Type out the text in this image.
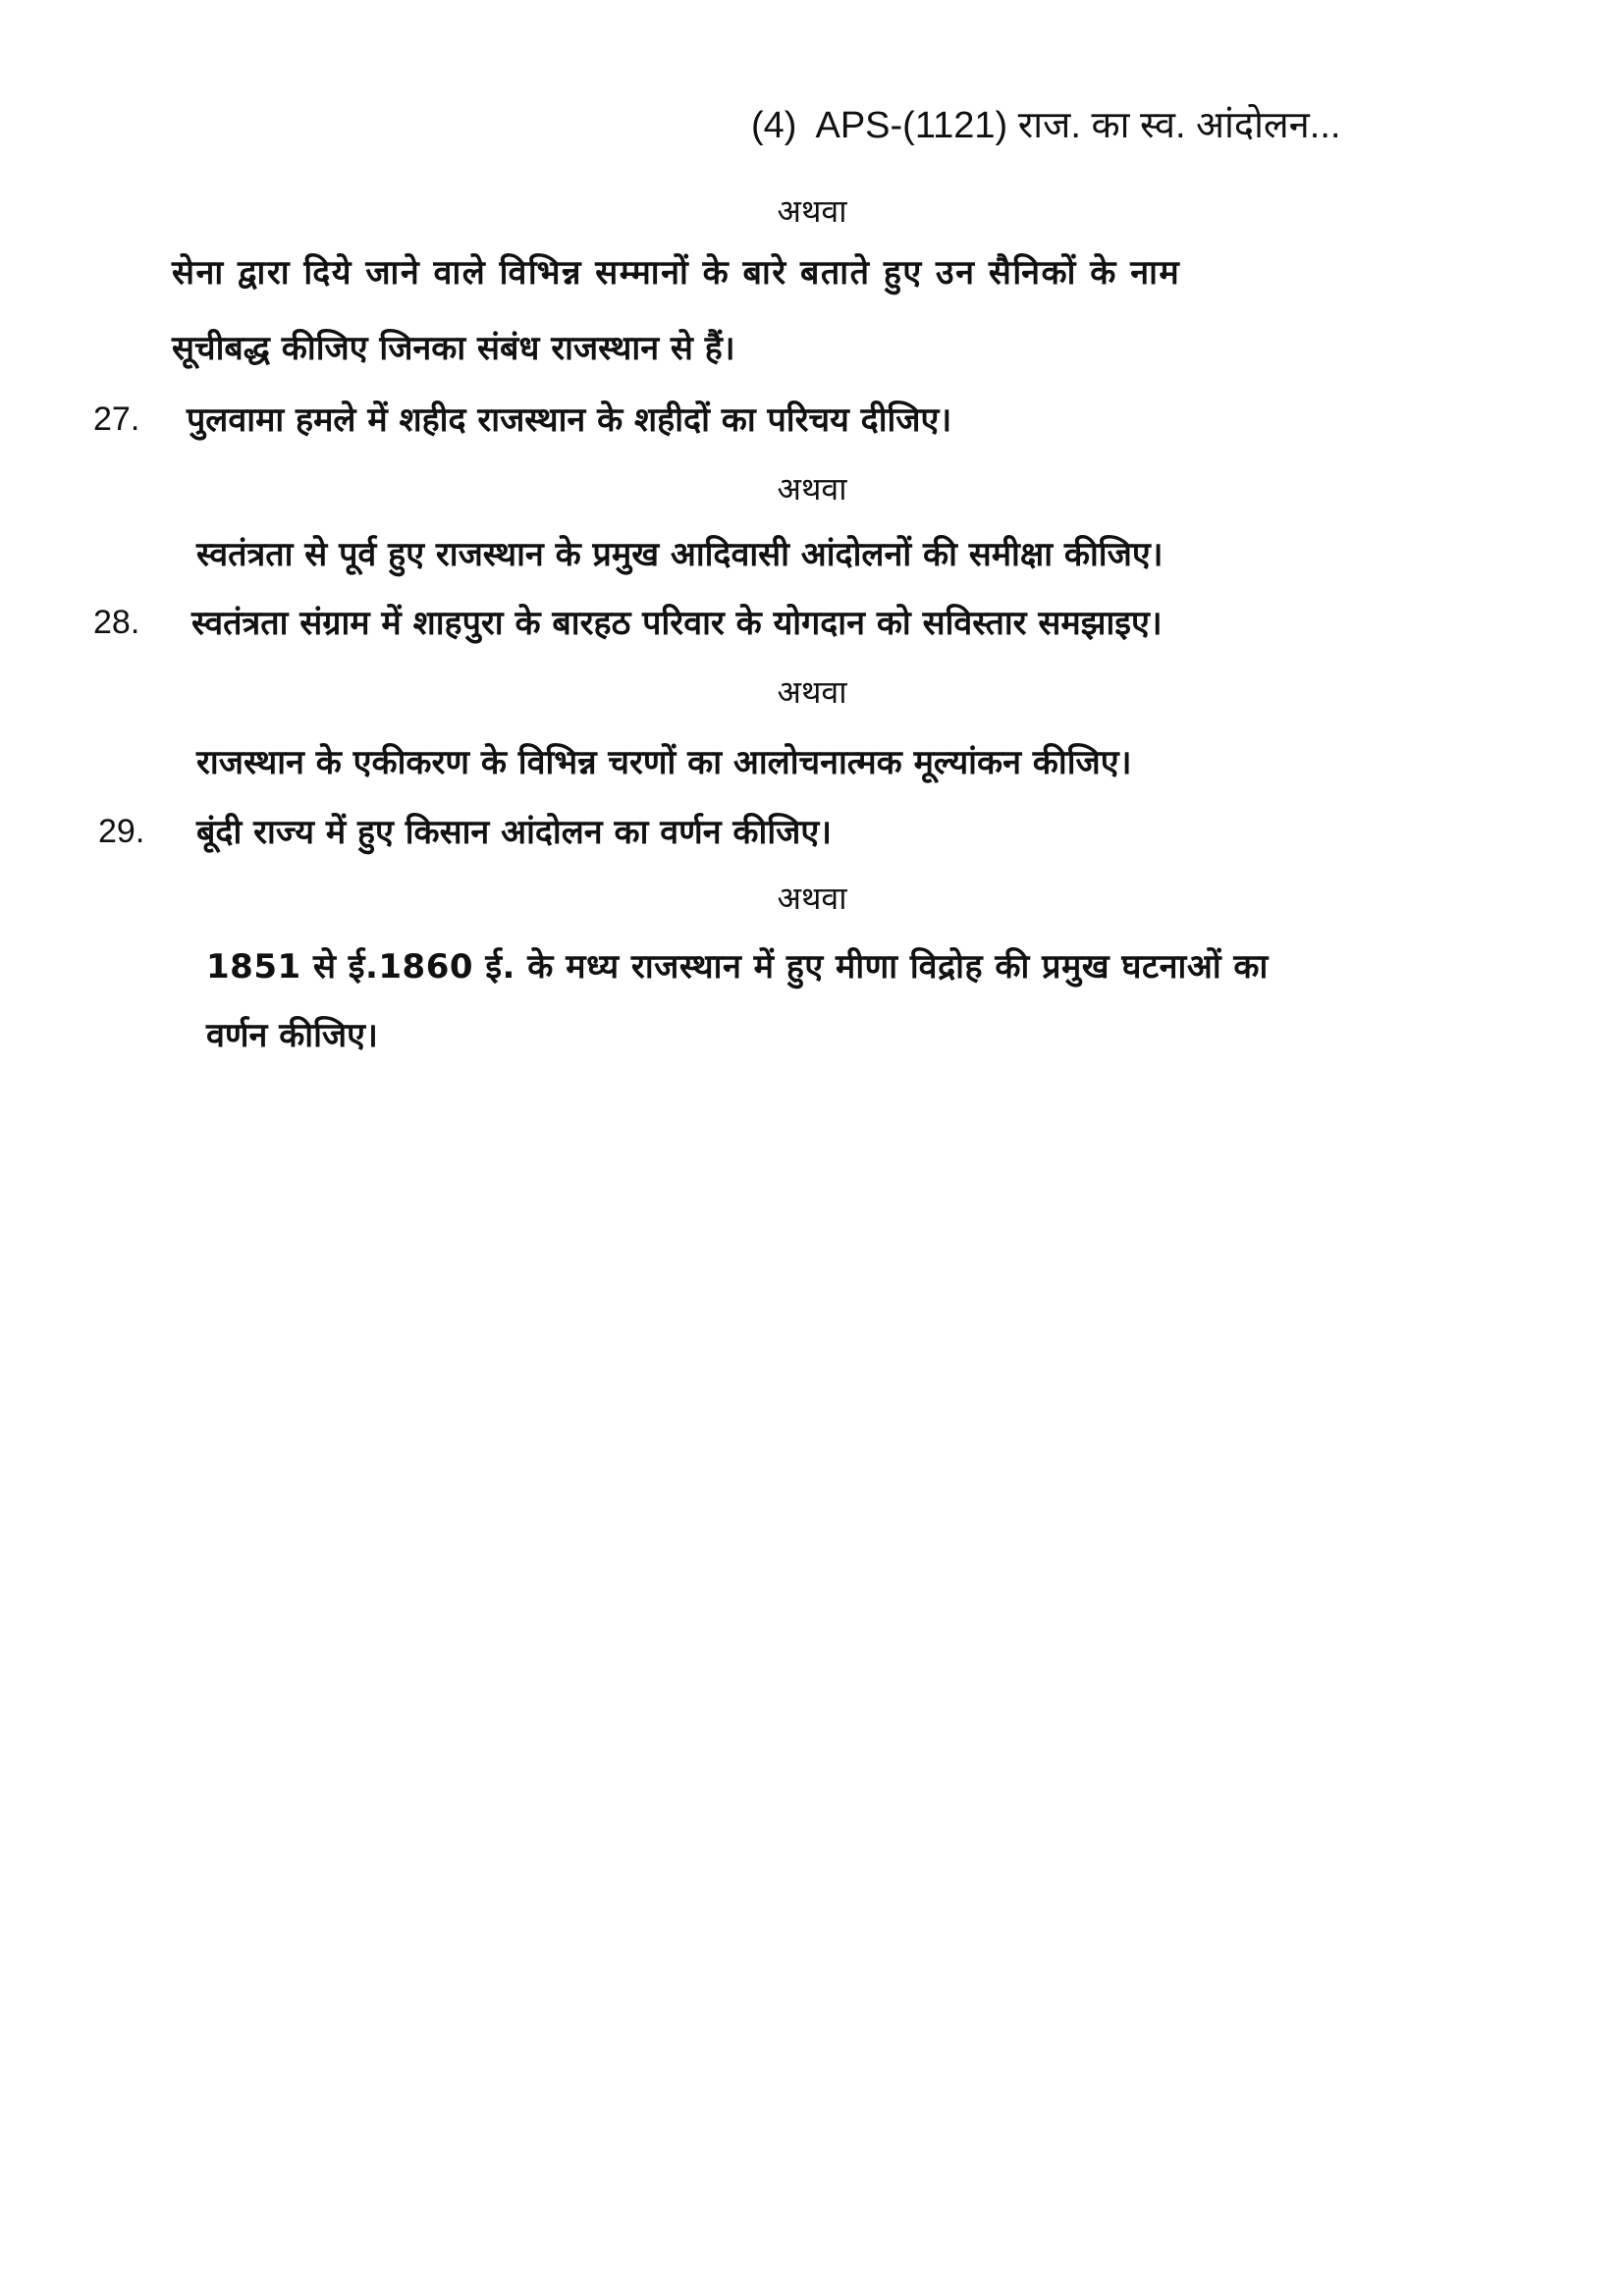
(4) APS-(1121) राज. का स्व. आंदोलन...
अथवा
सेना द्वारा दिये जाने वाले विभिन्न सम्मानों के बारे बताते हुए उन सैनिकों के नाम
सूचीबद्ध कीजिए जिनका संबंध राजस्थान से हैं।
27. पुलवामा हमले में शहीद राजस्थान के शहीदों का परिचय दीजिए।
अथवा
स्वतंत्रता से पूर्व हुए राजस्थान के प्रमुख आदिवासी आंदोलनों की समीक्षा कीजिए।
28. स्वतंत्रता संग्राम में शाहपुरा के बारहठ परिवार के योगदान को सविस्तार समझाइए।
अथवा
राजस्थान के एकीकरण के विभिन्न चरणों का आलोचनात्मक मूल्यांकन कीजिए।
29. बूंदी राज्य में हुए किसान आंदोलन का वर्णन कीजिए।
अथवा
1851 से ई.1860 ई. के मध्य राजस्थान में हुए मीणा विद्रोह की प्रमुख घटनाओं का
वर्णन कीजिए।
